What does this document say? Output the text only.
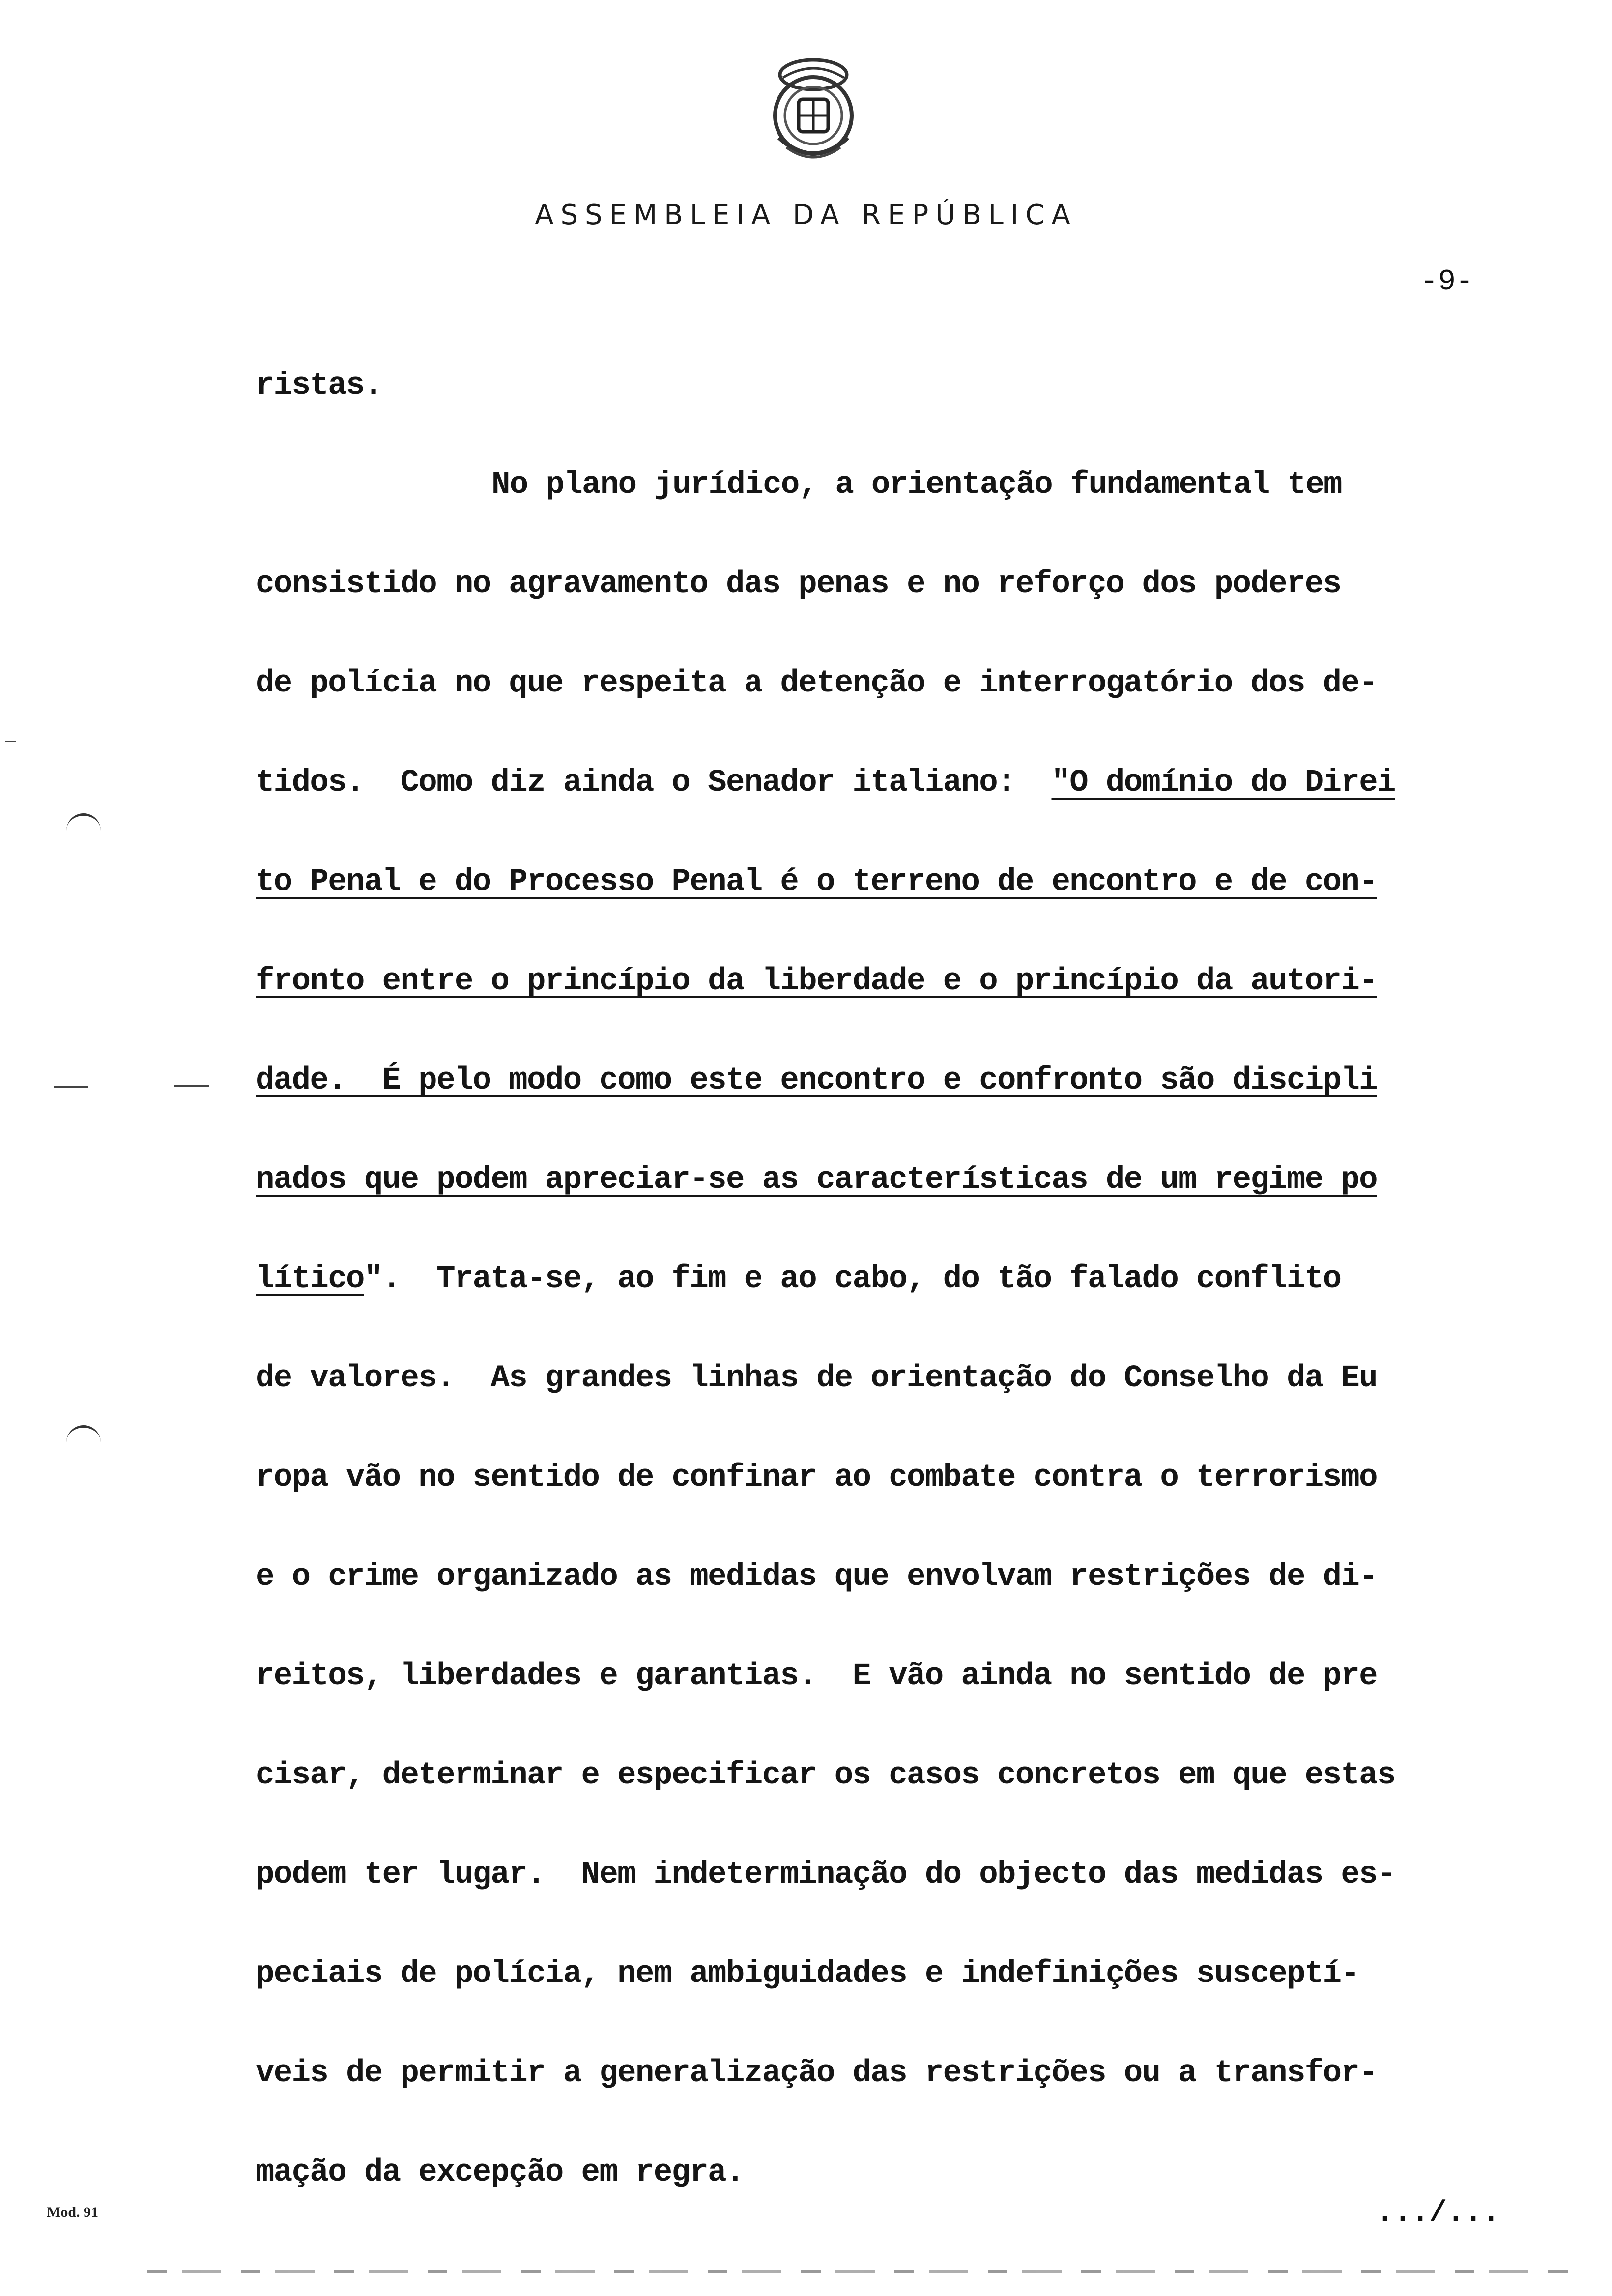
ASSEMBLEIA DA REPÚBLICA
-9-
ristas.
No plano jurídico, a orientação fundamental tem
consistido no agravamento das penas e no reforço dos poderes
de polícia no que respeita a detenção e interrogatório dos de-
tidos.  Como diz ainda o Senador italiano:  "O domínio do Direi
to Penal e do Processo Penal é o terreno de encontro e de con-
fronto entre o princípio da liberdade e o princípio da autori-
dade.  É pelo modo como este encontro e confronto são discipli
nados que podem apreciar-se as características de um regime po
lítico".  Trata-se, ao fim e ao cabo, do tão falado conflito
de valores.  As grandes linhas de orientação do Conselho da Eu
ropa vão no sentido de confinar ao combate contra o terrorismo
e o crime organizado as medidas que envolvam restrições de di-
reitos, liberdades e garantias.  E vão ainda no sentido de pre
cisar, determinar e especificar os casos concretos em que estas
podem ter lugar.  Nem indeterminação do objecto das medidas es-
peciais de polícia, nem ambiguidades e indefinições susceptí-
veis de permitir a generalização das restrições ou a transfor-
mação da excepção em regra.
.../...
Mod. 91
